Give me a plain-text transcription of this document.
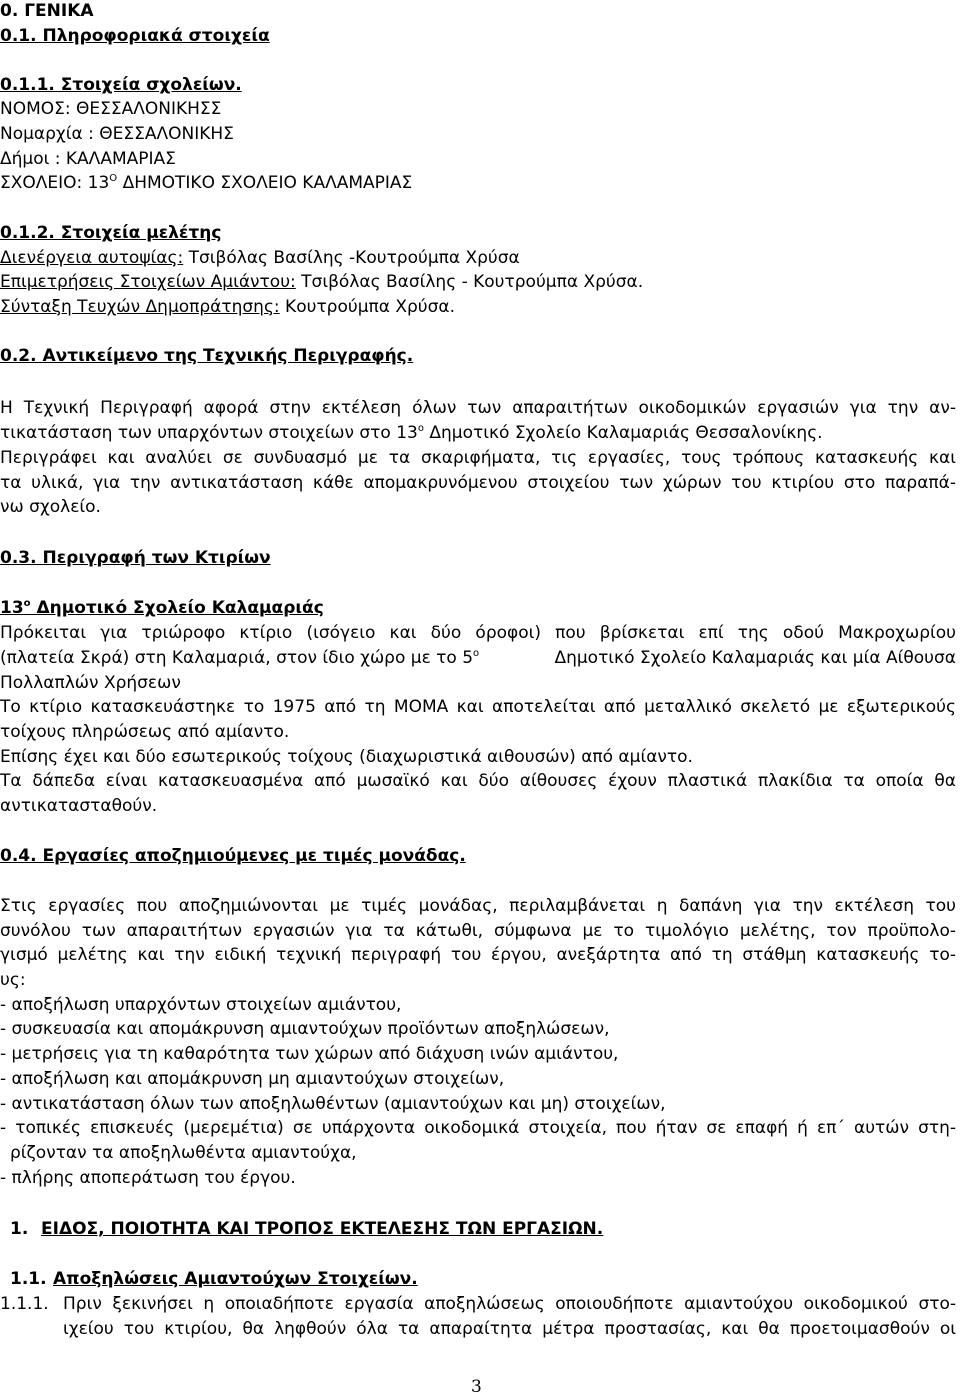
0. ΓΕΝΙΚΑ
0.1. Πληροφοριακά στοιχεία
0.1.1. Στοιχεία σχολείων.
ΝΟΜΟΣ: ΘΕΣΣΑΛΟΝΙΚΗΣΣ
Νομαρχία : ΘΕΣΣΑΛΟΝΙΚΗΣ
Δήμοι : ΚΑΛΑΜΑΡΙΑΣ
ΣΧΟΛΕΙΟ: $13^O$ ΔΗΜΟΤΙΚΟ ΣΧΟΛΕΙΟ ΚΑΛΑΜΑΡΙΑΣ
0.1.2. Στοιχεία μελέτης
Διενέργεια αυτοψίας: Τσιβόλας Βασίλης -Κουτρούμπα Χρύσα
Επιμετρήσεις Στοιχείων Αμιάντου: Τσιβόλας Βασίλης - Κουτρούμπα Χρύσα.
Σύνταξη Τευχών Δημοπράτησης: Κουτρούμπα Χρύσα.
0.2. Αντικείμενο της Τεχνικής Περιγραφής.
Η Τεχνική Περιγραφή αφορά στην εκτέλεση όλων των απαραιτήτων οικοδομικών εργασιών για την αν-
τικατάσταση των υπαρχόντων στοιχείων στο $13^o$ Δημοτικό Σχολείο Καλαμαριάς Θεσσαλονίκης.
Περιγράφει και αναλύει σε συνδυασμό με τα σκαριφήματα, τις εργασίες, τους τρόπους κατασκευής και
τα υλικά, για την αντικατάσταση κάθε απομακρυνόμενου στοιχείου των χώρων του κτιρίου στο παραπά-
νω σχολείο.
0.3. Περιγραφή των Κτιρίων
$13^o$ Δημοτικό Σχολείο Καλαμαριάς
Πρόκειται για τριώροφο κτίριο (ισόγειο και δύο όροφοι) που βρίσκεται επί της οδού Μακροχωρίου
(πλατεία Σκρά) στη Καλαμαριά, στον ίδιο χώρο με το $5^o$	Δημοτικό Σχολείο Καλαμαριάς και μία Αίθουσα
Πολλαπλών Χρήσεων
Το κτίριο κατασκευάστηκε το 1975 από τη ΜΟΜΑ και αποτελείται από μεταλλικό σκελετό με εξωτερικούς
τοίχους πληρώσεως από αμίαντο.
Επίσης έχει και δύο εσωτερικούς τοίχους (διαχωριστικά αιθουσών) από αμίαντο.
Τα δάπεδα είναι κατασκευασμένα από μωσαϊκό και δύο αίθουσες έχουν πλαστικά πλακίδια τα οποία θα
αντικατασταθούν.
0.4. Εργασίες αποζημιούμενες με τιμές μονάδας.
Στις εργασίες που αποζημιώνονται με τιμές μονάδας, περιλαμβάνεται η δαπάνη για την εκτέλεση του
συνόλου των απαραιτήτων εργασιών για τα κάτωθι, σύμφωνα με το τιμολόγιο μελέτης, τον προϋπολο-
γισμό μελέτης και την ειδική τεχνική περιγραφή του έργου, ανεξάρτητα από τη στάθμη κατασκευής το-
υς:
- αποξήλωση υπαρχόντων στοιχείων αμιάντου,
- συσκευασία και απομάκρυνση αμιαντούχων προϊόντων αποξηλώσεων,
- μετρήσεις για τη καθαρότητα των χώρων από διάχυση ινών αμιάντου,
- αποξήλωση και απομάκρυνση μη αμιαντούχων στοιχείων,
- αντικατάσταση όλων των αποξηλωθέντων (αμιαντούχων και μη) στοιχείων,
- τοπικές επισκευές (μερεμέτια) σε υπάρχοντα οικοδομικά στοιχεία, που ήταν σε επαφή ή επ΄ αυτών στη-
ρίζονταν τα αποξηλωθέντα αμιαντούχα,
- πλήρης αποπεράτωση του έργου.
1. ΕΙΔΟΣ, ΠΟΙΟΤΗΤΑ ΚΑΙ ΤΡΟΠΟΣ ΕΚΤΕΛΕΣΗΣ ΤΩΝ ΕΡΓΑΣΙΩΝ.
1.1. Αποξηλώσεις Αμιαντούχων Στοιχείων.
1.1.1. Πριν ξεκινήσει η οποιαδήποτε εργασία αποξηλώσεως οποιουδήποτε αμιαντούχου οικοδομικού στο-
ιχείου του κτιρίου, θα ληφθούν όλα τα απαραίτητα μέτρα προστασίας, και θα προετοιμασθούν οι
3
